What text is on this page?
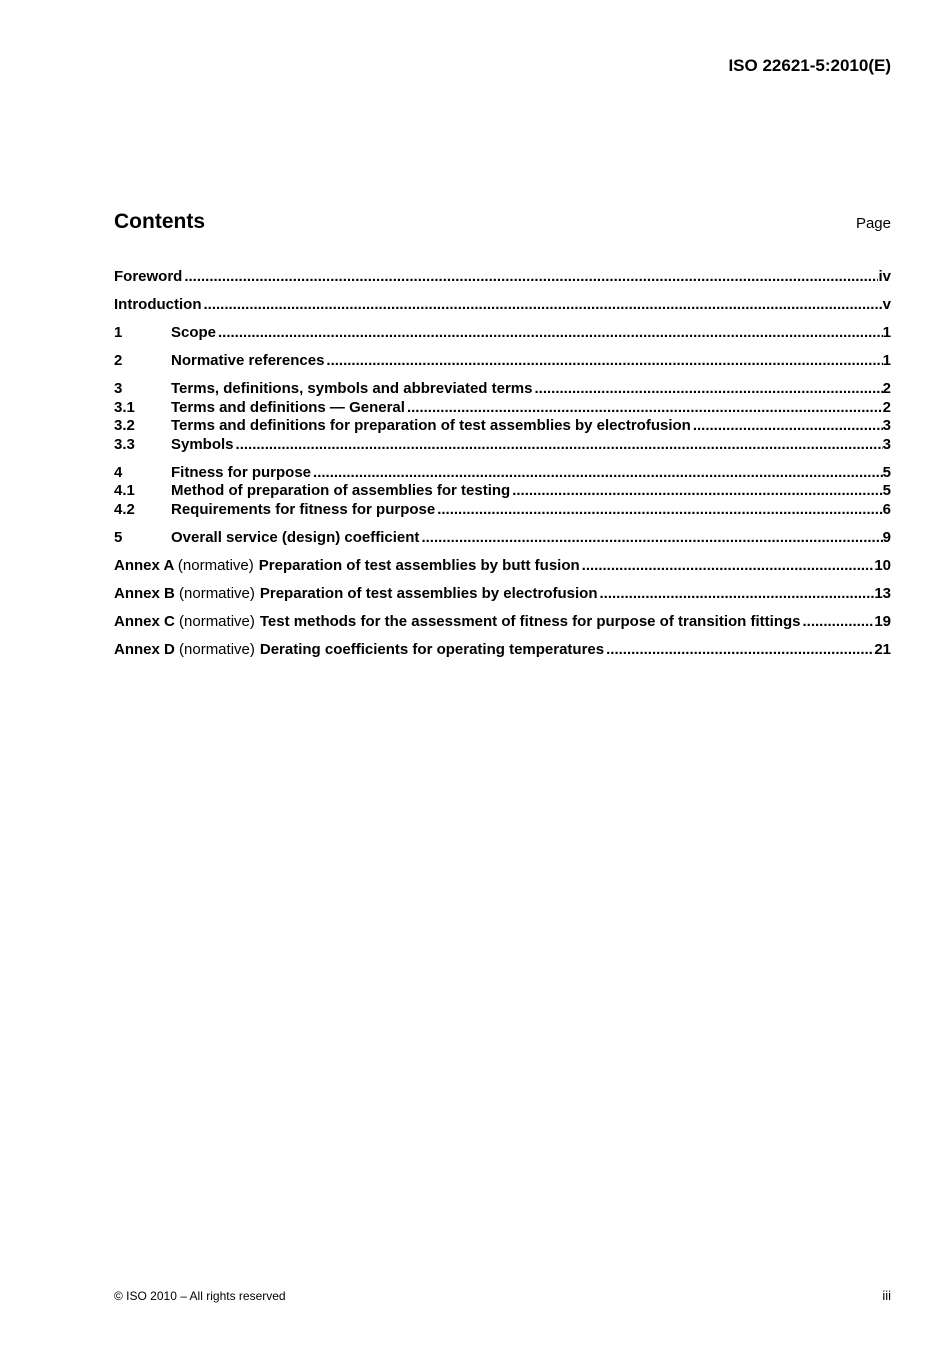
ISO 22621-5:2010(E)
Contents	Page
Foreword .....	iv
Introduction .....	v
1	Scope .....	1
2	Normative references .....	1
3	Terms, definitions, symbols and abbreviated terms .....	2
3.1	Terms and definitions — General .....	2
3.2	Terms and definitions for preparation of test assemblies by electrofusion .....	3
3.3	Symbols .....	3
4	Fitness for purpose .....	5
4.1	Method of preparation of assemblies for testing .....	5
4.2	Requirements for fitness for purpose .....	6
5	Overall service (design) coefficient .....	9
Annex A (normative) Preparation of test assemblies by butt fusion .....	10
Annex B (normative) Preparation of test assemblies by electrofusion .....	13
Annex C (normative) Test methods for the assessment of fitness for purpose of transition fittings .....	19
Annex D (normative) Derating coefficients for operating temperatures .....	21
© ISO 2010 – All rights reserved	iii
